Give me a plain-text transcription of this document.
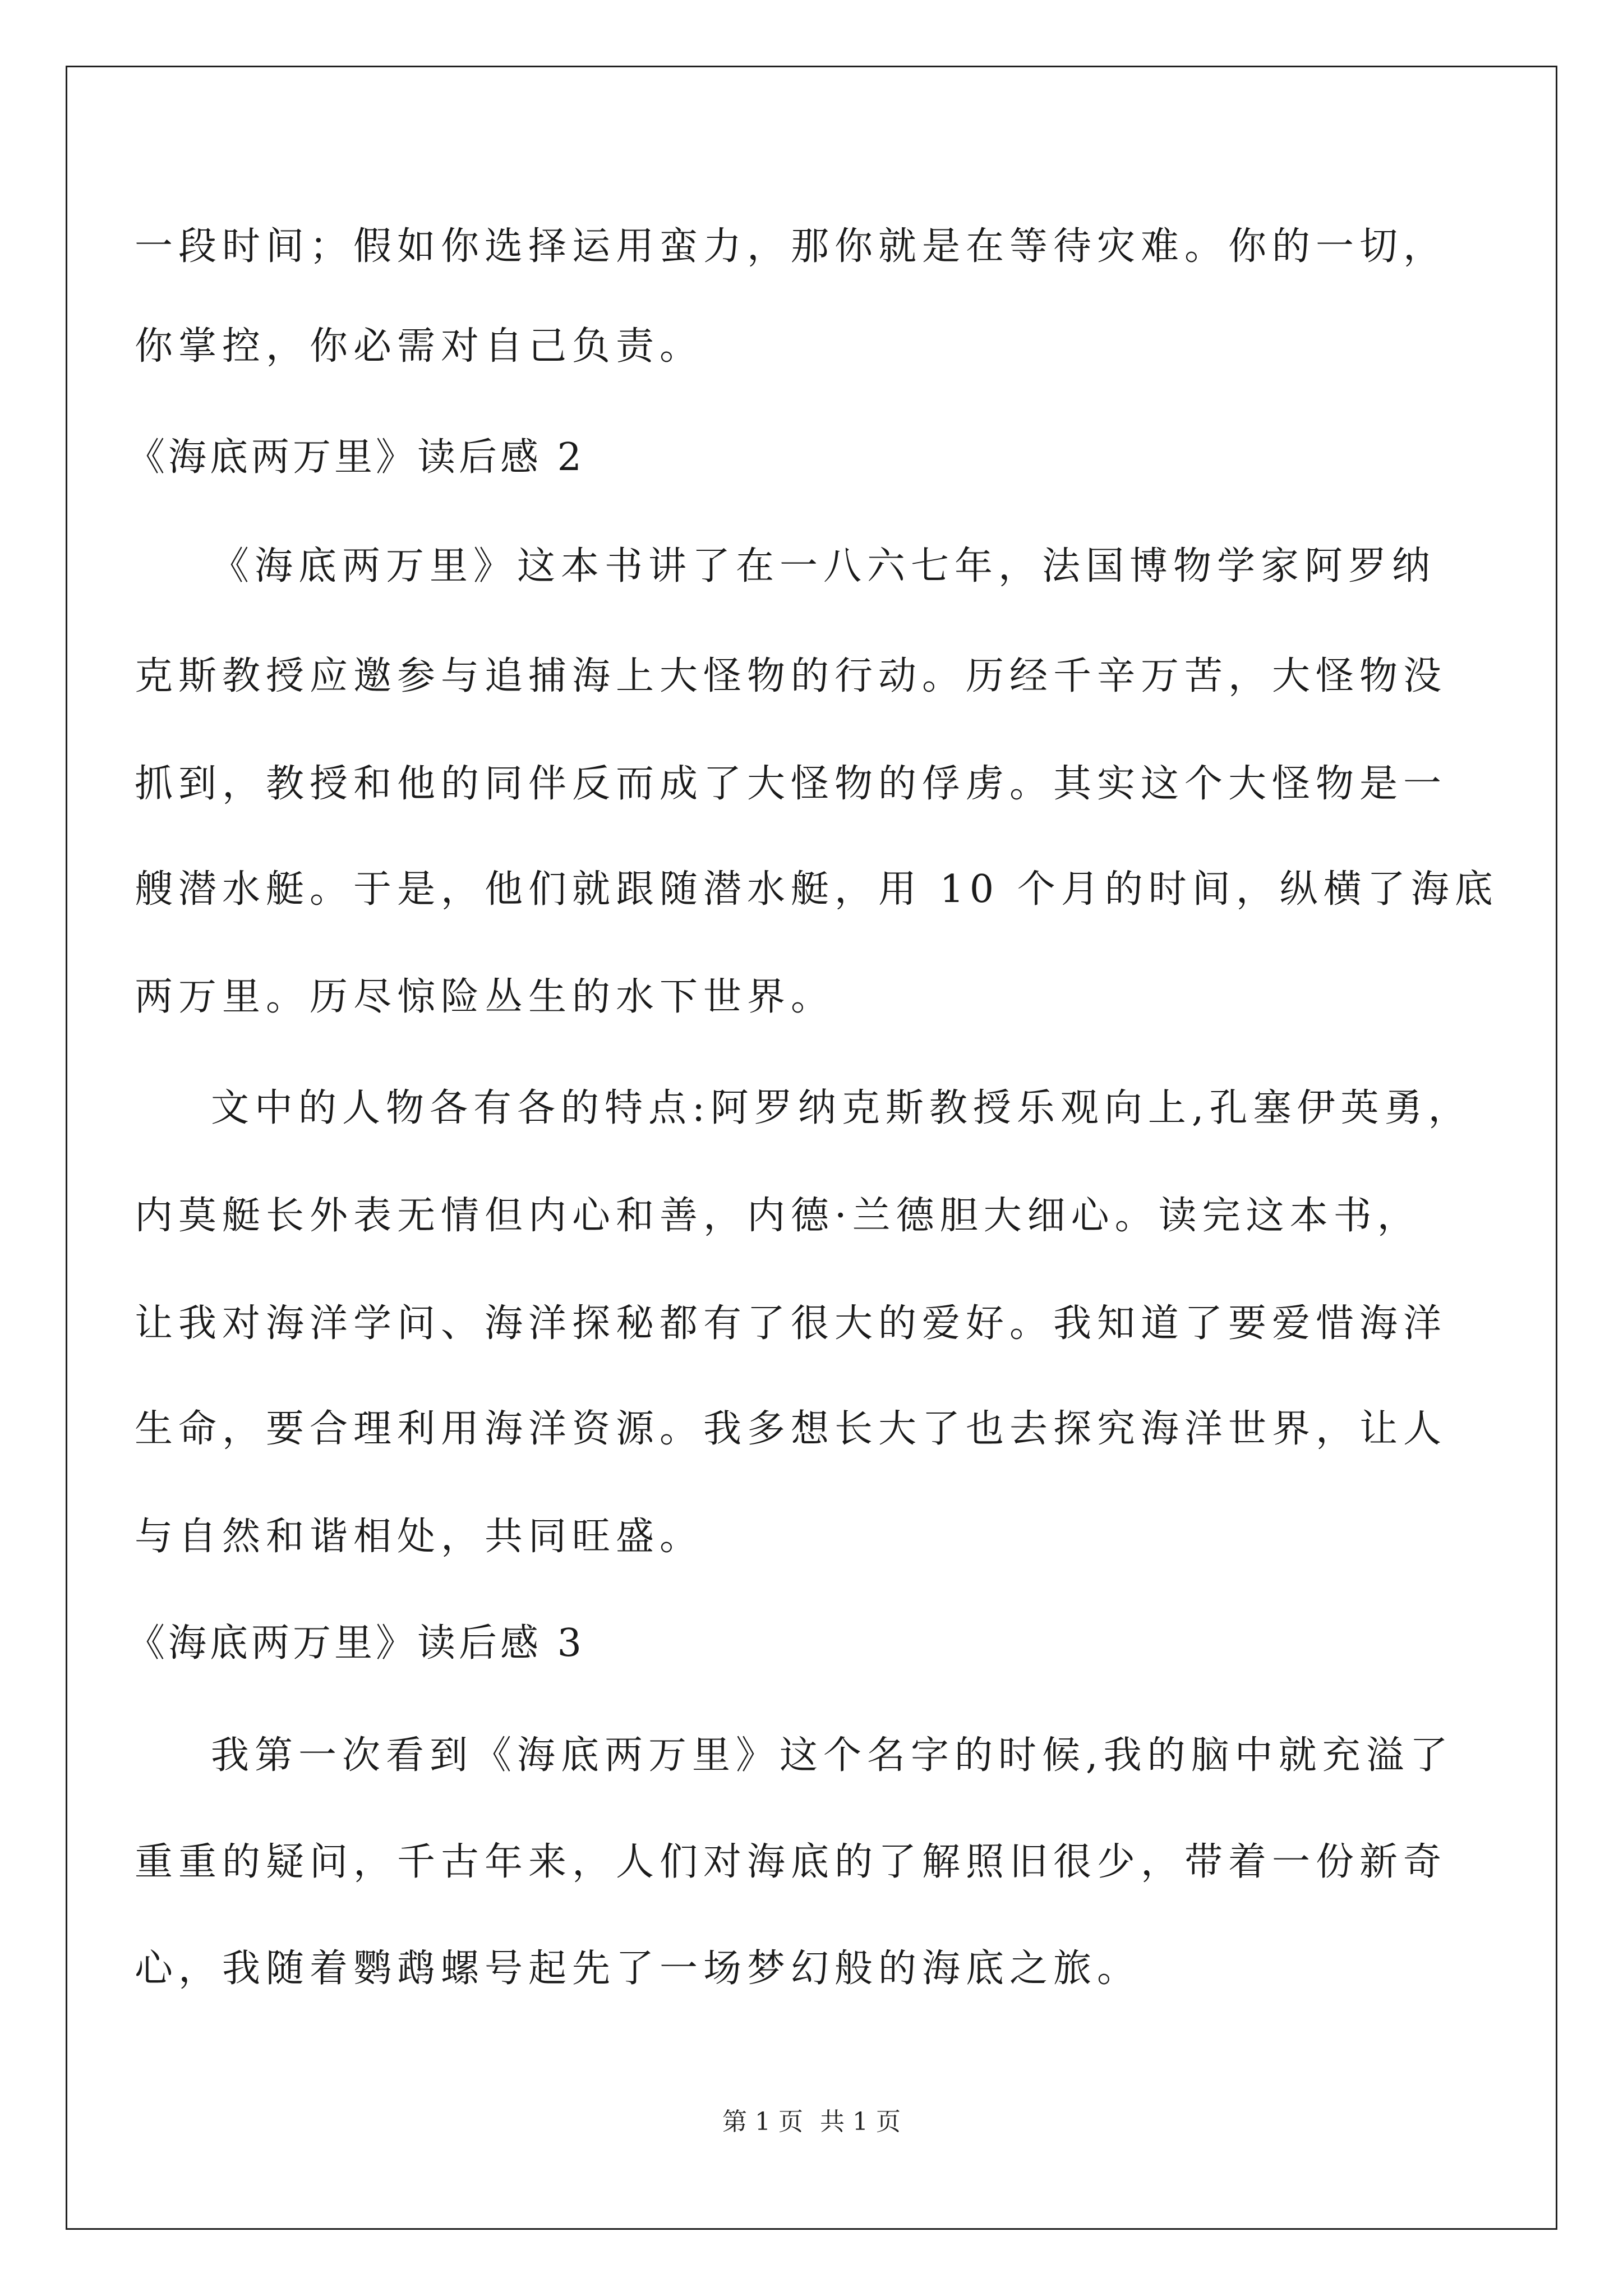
一段时间；假如你选择运用蛮力，那你就是在等待灾难。你的一切，
你掌控，你必需对自己负责。
《海底两万里》读后感 2
《海底两万里》这本书讲了在一八六七年，法国博物学家阿罗纳
克斯教授应邀参与追捕海上大怪物的行动。历经千辛万苦，大怪物没
抓到，教授和他的同伴反而成了大怪物的俘虏。其实这个大怪物是一
艘潜水艇。于是，他们就跟随潜水艇，用 10 个月的时间，纵横了海底
两万里。历尽惊险丛生的水下世界。
文中的人物各有各的特点:阿罗纳克斯教授乐观向上,孔塞伊英勇，
内莫艇长外表无情但内心和善，内德·兰德胆大细心。读完这本书，
让我对海洋学问、海洋探秘都有了很大的爱好。我知道了要爱惜海洋
生命，要合理利用海洋资源。我多想长大了也去探究海洋世界，让人
与自然和谐相处，共同旺盛。
《海底两万里》读后感 3
我第一次看到《海底两万里》这个名字的时候,我的脑中就充溢了
重重的疑问，千古年来，人们对海底的了解照旧很少，带着一份新奇
心，我随着鹦鹉螺号起先了一场梦幻般的海底之旅。
第 1 页 共 1 页
